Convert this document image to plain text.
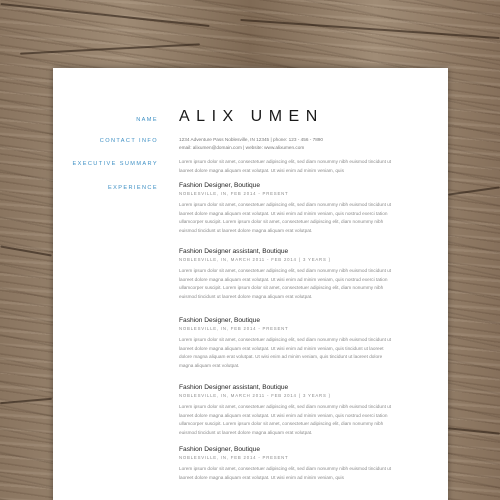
NAME ALIX UMEN
CONTACT INFO	1234 Adventure Pass Noblesville, IN 12345 | phone: 123 - 456 - 7890
email: alixumen@domain.com | website: www.alixumen.com
EXECUTIVE SUMMARY	Lorem ipsum dolor sit amet, consectetuer adipiscing elit, sed diam nonummy nibh euismod tincidunt ut laoreet dolore magna aliquam erat volutpat. Ut wisi enim ad minim veniam, quis
EXPERIENCE	Fashion Designer, Boutique
NOBLESVILLE, IN, FEB 2014 - PRESENT
Lorem ipsum dolor sit amet, consectetuer adipiscing elit, sed diam nonummy nibh euismod tincidunt ut laoreet dolore magna aliquam erat volutpat. Ut wisi enim ad minim veniam, quis nostrud exerci tation ullamcorper suscipit. Lorem ipsum dolor sit amet, consectetuer adipiscing elit, diam nonummy nibh euismod tincidunt ut laoreet dolore magna aliquam erat volutpat.
Fashion Designer assistant, Boutique
NOBLESVILLE, IN, MARCH 2011 - FEB 2014 ( 3 YEARS )
Lorem ipsum dolor sit amet, consectetuer adipiscing elit, sed diam nonummy nibh euismod tincidunt ut laoreet dolore magna aliquam erat volutpat. Ut wisi enim ad minim veniam, quis nostrud exerci tation ullamcorper suscipit. Lorem ipsum dolor sit amet, consectetuer adipiscing elit, diam nonummy nibh euismod tincidunt ut laoreet dolore magna aliquam erat volutpat.
Fashion Designer, Boutique
NOBLESVILLE, IN, FEB 2014 - PRESENT
Lorem ipsum dolor sit amet, consectetuer adipiscing elit, sed diam nonummy nibh euismod tincidunt ut laoreet dolore magna aliquam erat volutpat. Ut wisi enim ad minim veniam, quis tincidunt ut laoreet dolore magna aliquam erat volutpat. Ut wisi enim ad minim veniam, quis tincidunt ut laoreet dolore magna aliquam erat volutpat.
Fashion Designer assistant, Boutique
NOBLESVILLE, IN, MARCH 2011 - FEB 2014 ( 3 YEARS )
Lorem ipsum dolor sit amet, consectetuer adipiscing elit, sed diam nonummy nibh euismod tincidunt ut laoreet dolore magna aliquam erat volutpat. Ut wisi enim ad minim veniam, quis nostrud exerci tation ullamcorper suscipit. Lorem ipsum dolor sit amet, consectetuer adipiscing elit, diam nonummy nibh euismod tincidunt ut laoreet dolore magna aliquam erat volutpat.
Fashion Designer, Boutique
NOBLESVILLE, IN, FEB 2014 - PRESENT
Lorem ipsum dolor sit amet, consectetuer adipiscing elit, sed diam nonummy nibh euismod tincidunt ut laoreet dolore magna aliquam erat volutpat. Ut wisi enim ad minim veniam, quis
